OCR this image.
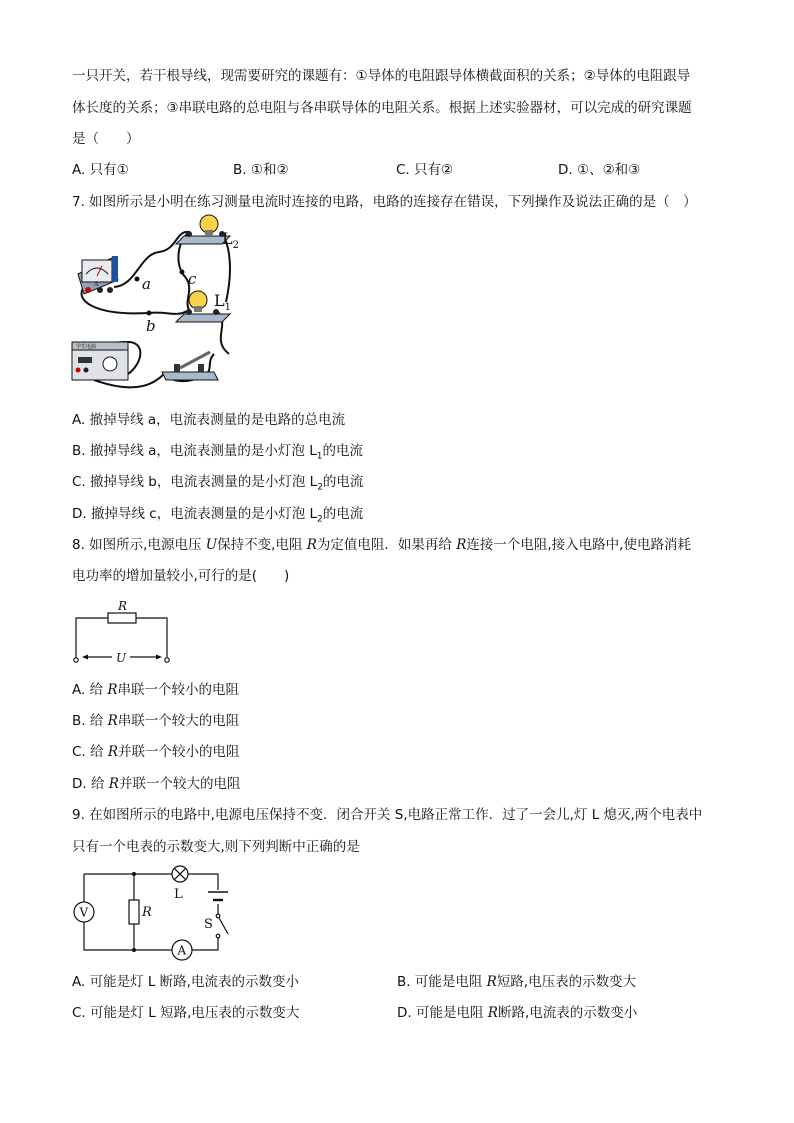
一只开关，若干根导线，现需要研究的课题有：①导体的电阻跟导体横截面积的关系；②导体的电阻跟导
体长度的关系；③串联电路的总电阻与各串联导体的电阻关系。根据上述实验器材，可以完成的研究课题
是（　　）
A. 只有①	B. ①和②	C. 只有②	D. ①、②和③
7. 如图所示是小明在练习测量电流时连接的电路，电路的连接存在错误，下列操作及说法正确的是（　）
A
学生电源
$L_2$
$L_1$
a
b
c
A. 撤掉导线 a，电流表测量的是电路的总电流
B. 撤掉导线 a，电流表测量的是小灯泡 $L_1$的电流
C. 撤掉导线 b，电流表测量的是小灯泡 $L_2$的电流
D. 撤掉导线 c，电流表测量的是小灯泡 $L_2$的电流
8. 如图所示,电源电压 U保持不变,电阻 R为定值电阻．如果再给 R连接一个电阻,接入电路中,使电路消耗
电功率的增加量较小,可行的是(　　)
R
U
A. 给 R串联一个较小的电阻
B. 给 R串联一个较大的电阻
C. 给 R并联一个较小的电阻
D. 给 R并联一个较大的电阻
9. 在如图所示的电路中,电源电压保持不变．闭合开关 S,电路正常工作．过了一会儿,灯 L 熄灭,两个电表中
只有一个电表的示数变大,则下列判断中正确的是
V
A
R
L
S
A. 可能是灯 L 断路,电流表的示数变小	B. 可能是电阻 R短路,电压表的示数变大
C. 可能是灯 L 短路,电压表的示数变大	D. 可能是电阻 R断路,电流表的示数变小
